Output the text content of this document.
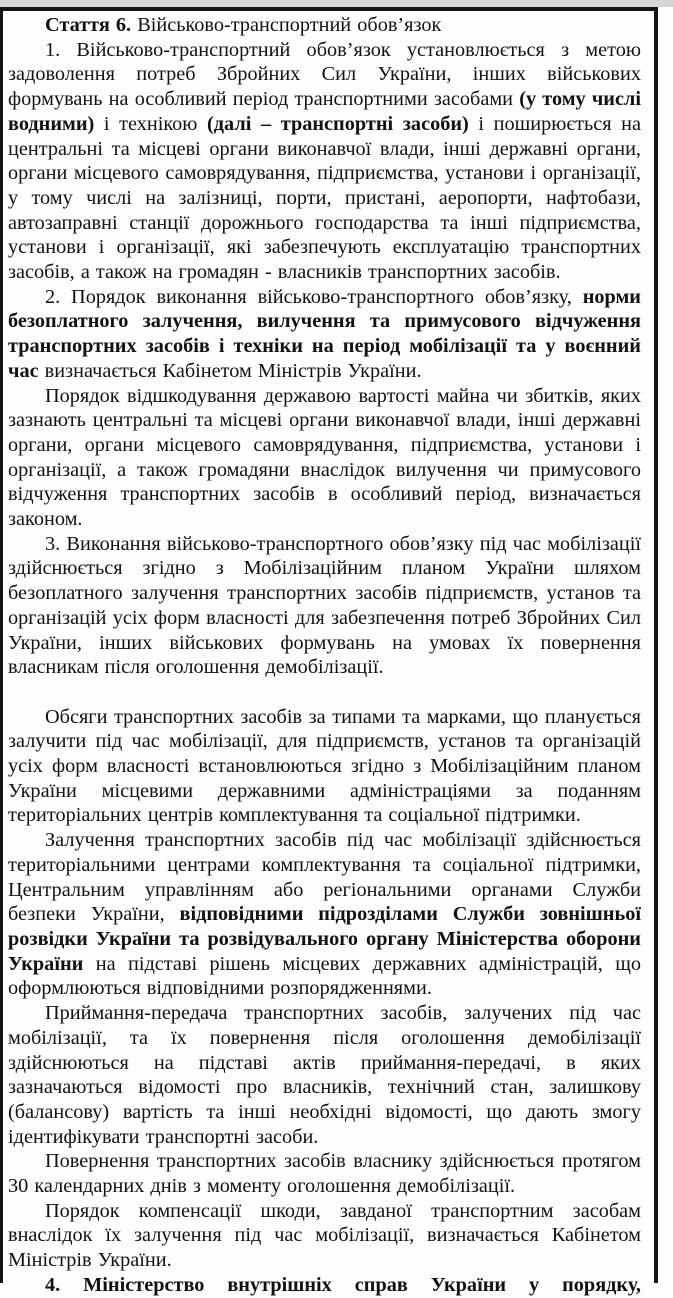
Стаття 6. Військово-транспортний обов’язок

1. Військово-транспортний обов’язок установлюється з метою задоволення потреб Збройних Сил України, інших військових формувань на особливий період транспортними засобами (у тому числі водними) і технікою (далі – транспортні засоби) і поширюється на центральні та місцеві органи виконавчої влади, інші державні органи, органи місцевого самоврядування, підприємства, установи і організації, у тому числі на залізниці, порти, пристані, аеропорти, нафтобази, автозаправні станції дорожнього господарства та інші підприємства, установи і організації, які забезпечують експлуатацію транспортних засобів, а також на громадян - власників транспортних засобів.

2. Порядок виконання військово-транспортного обов’язку, норми безоплатного залучення, вилучення та примусового відчуження транспортних засобів і техніки на період мобілізації та у воєнний час визначається Кабінетом Міністрів України.

Порядок відшкодування державою вартості майна чи збитків, яких зазнають центральні та місцеві органи виконавчої влади, інші державні органи, органи місцевого самоврядування, підприємства, установи і організації, а також громадяни внаслідок вилучення чи примусового відчуження транспортних засобів в особливий період, визначається законом.

3. Виконання військово-транспортного обов’язку під час мобілізації здійснюється згідно з Мобілізаційним планом України шляхом безоплатного залучення транспортних засобів підприємств, установ та організацій усіх форм власності для забезпечення потреб Збройних Сил України, інших військових формувань на умовах їх повернення власникам після оголошення демобілізації.

Обсяги транспортних засобів за типами та марками, що планується залучити під час мобілізації, для підприємств, установ та організацій усіх форм власності встановлюються згідно з Мобілізаційним планом України місцевими державними адміністраціями за поданням територіальних центрів комплектування та соціальної підтримки.

Залучення транспортних засобів під час мобілізації здійснюється територіальними центрами комплектування та соціальної підтримки, Центральним управлінням або регіональними органами Служби безпеки України, відповідними підрозділами Служби зовнішньої розвідки України та розвідувального органу Міністерства оборони України на підставі рішень місцевих державних адміністрацій, що оформлюються відповідними розпорядженнями.

Приймання-передача транспортних засобів, залучених під час мобілізації, та їх повернення після оголошення демобілізації здійснюються на підставі актів приймання-передачі, в яких зазначаються відомості про власників, технічний стан, залишкову (балансову) вартість та інші необхідні відомості, що дають змогу ідентифікувати транспортні засоби.

Повернення транспортних засобів власнику здійснюється протягом 30 календарних днів з моменту оголошення демобілізації.

Порядок компенсації шкоди, завданої транспортним засобам внаслідок їх залучення під час мобілізації, визначається Кабінетом Міністрів України.

4. Міністерство внутрішніх справ України у порядку,
